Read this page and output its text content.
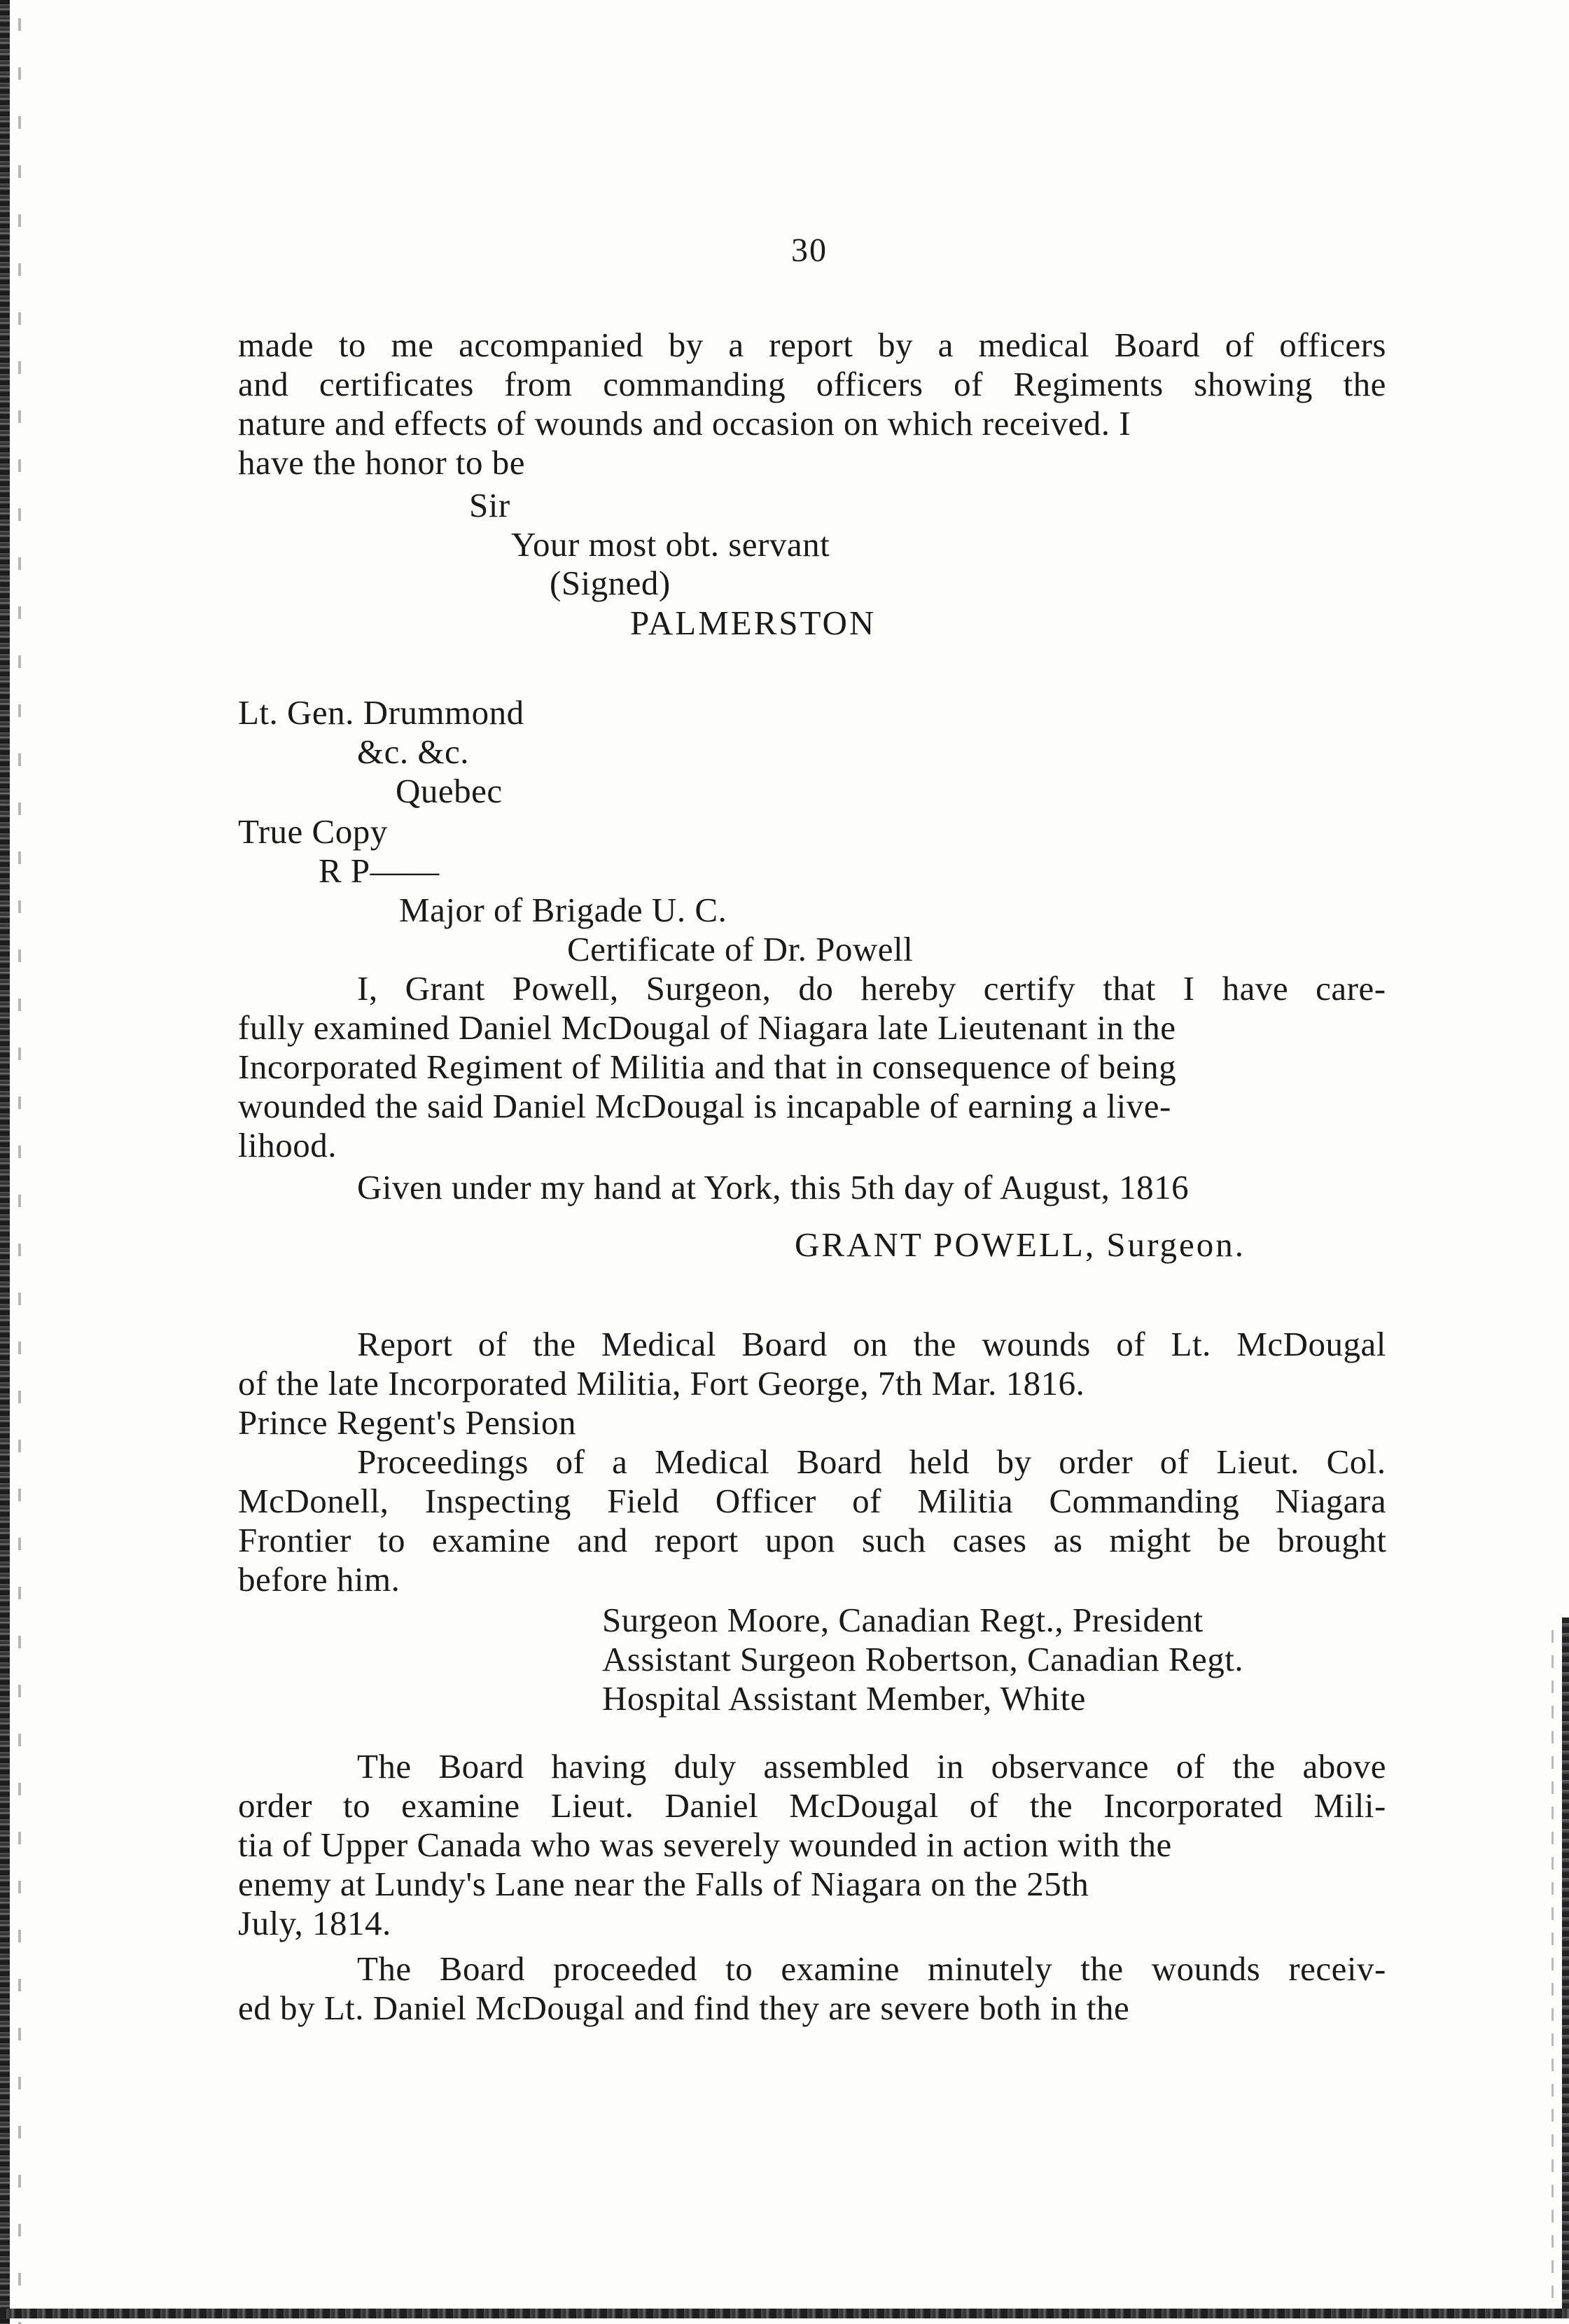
30
made to me accompanied by a report by a medical Board of officers
and certificates from commanding officers of Regiments showing the
nature and effects of wounds and occasion on which received. I
have the honor to be
Sir
Your most obt. servant
(Signed)
PALMERSTON
Lt. Gen. Drummond
&c. &c.
Quebec
True Copy
R P——
Major of Brigade U. C.
Certificate of Dr. Powell
I, Grant Powell, Surgeon, do hereby certify that I have care-
fully examined Daniel McDougal of Niagara late Lieutenant in the
Incorporated Regiment of Militia and that in consequence of being
wounded the said Daniel McDougal is incapable of earning a live-
lihood.
Given under my hand at York, this 5th day of August, 1816
GRANT POWELL, Surgeon.
Report of the Medical Board on the wounds of Lt. McDougal
of the late Incorporated Militia, Fort George, 7th Mar. 1816.
Prince Regent's Pension
Proceedings of a Medical Board held by order of Lieut. Col.
McDonell, Inspecting Field Officer of Militia Commanding Niagara
Frontier to examine and report upon such cases as might be brought
before him.
Surgeon Moore, Canadian Regt., President
Assistant Surgeon Robertson, Canadian Regt.
Hospital Assistant Member, White
The Board having duly assembled in observance of the above
order to examine Lieut. Daniel McDougal of the Incorporated Mili-
tia of Upper Canada who was severely wounded in action with the
enemy at Lundy's Lane near the Falls of Niagara on the 25th
July, 1814.
The Board proceeded to examine minutely the wounds receiv-
ed by Lt. Daniel McDougal and find they are severe both in the
